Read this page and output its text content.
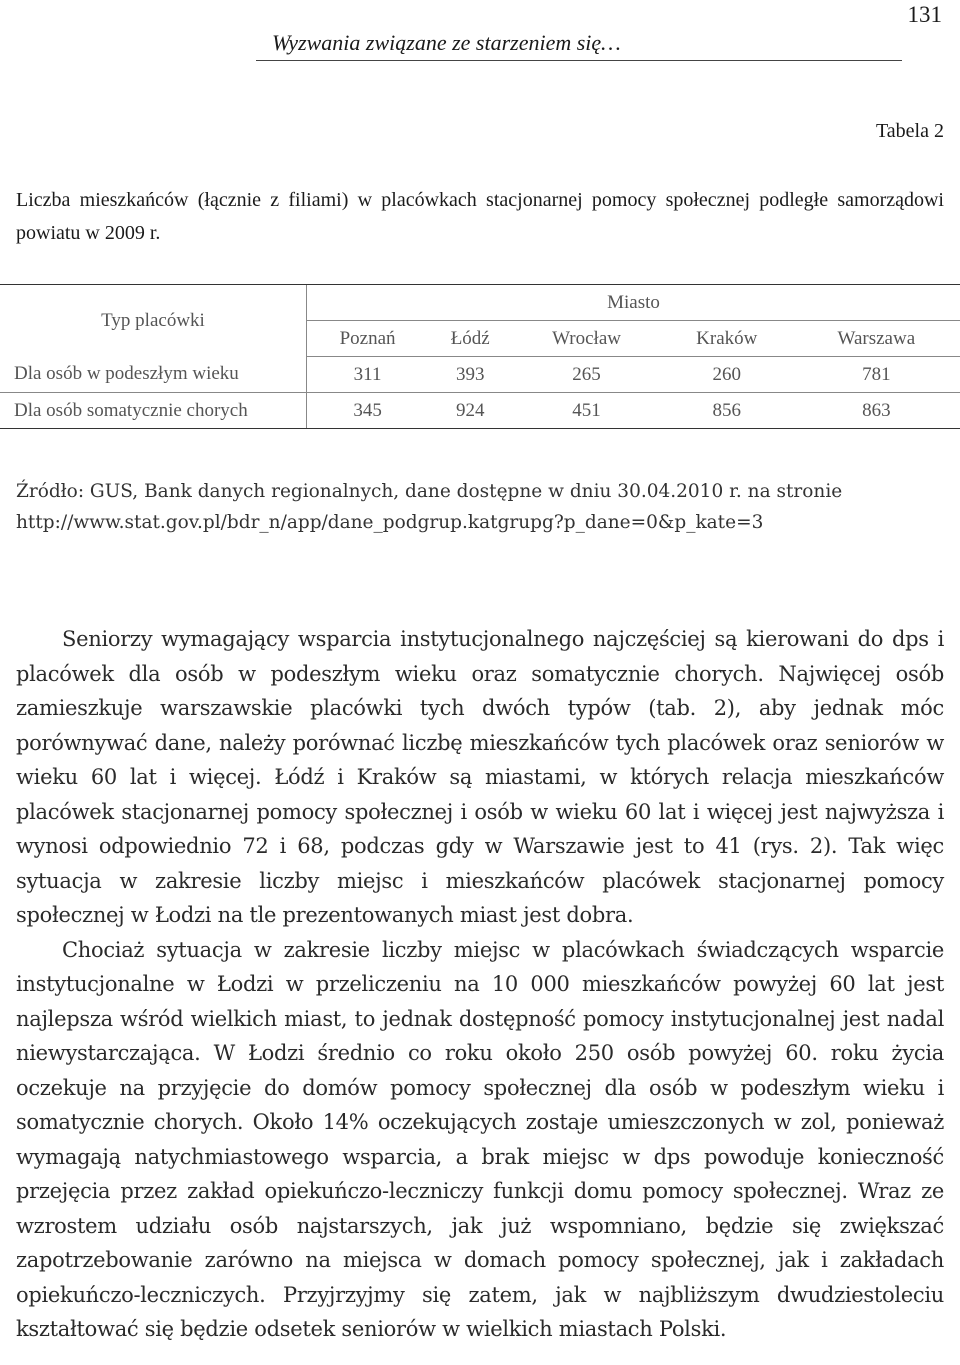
131
Wyzwania związane ze starzeniem się…
Tabela 2

Liczba mieszkańców (łącznie z filiami) w placówkach stacjonarnej pomocy społecznej podległe samorządowi powiatu w 2009 r.

Typ placówki	Miasto				
	Poznań	Łódź	Wrocław	Kraków	Warszawa
Dla osób w podeszłym wieku	311	393	265	260	781
Dla osób somatycznie chorych	345	924	451	856	863

Źródło: GUS, Bank danych regionalnych, dane dostępne w dniu 30.04.2010 r. na stronie
http://www.stat.gov.pl/bdr_n/app/dane_podgrup.katgrupg?p_dane=0&p_kate=3

Seniorzy wymagający wsparcia instytucjonalnego najczęściej są kierowani do dps i placówek dla osób w podeszłym wieku oraz somatycznie chorych. Najwięcej osób zamieszkuje warszawskie placówki tych dwóch typów (tab. 2), aby jednak móc porównywać dane, należy porównać liczbę mieszkańców tych placówek oraz seniorów w wieku 60 lat i więcej. Łódź i Kraków są miastami, w których relacja mieszkańców placówek stacjonarnej pomocy społecznej i osób w wieku 60 lat i więcej jest najwyższa i wynosi odpowiednio 72 i 68, podczas gdy w Warszawie jest to 41 (rys. 2). Tak więc sytuacja w zakresie liczby miejsc i mieszkańców placówek stacjonarnej pomocy społecznej w Łodzi na tle prezentowanych miast jest dobra.

Chociaż sytuacja w zakresie liczby miejsc w placówkach świadczących wsparcie instytucjonalne w Łodzi w przeliczeniu na 10 000 mieszkańców powyżej 60 lat jest najlepsza wśród wielkich miast, to jednak dostępność pomocy instytucjonalnej jest nadal niewystarczająca. W Łodzi średnio co roku około 250 osób powyżej 60. roku życia oczekuje na przyjęcie do domów pomocy społecznej dla osób w podeszłym wieku i somatycznie chorych. Około 14% oczekujących zostaje umieszczonych w zol, ponieważ wymagają natychmiastowego wsparcia, a brak miejsc w dps powoduje konieczność przejęcia przez zakład opiekuńczo-leczniczy funkcji domu pomocy społecznej. Wraz ze wzrostem udziału osób najstarszych, jak już wspomniano, będzie się zwiększać zapotrzebowanie zarówno na miejsca w domach pomocy społecznej, jak i zakładach opiekuńczo-leczniczych. Przyjrzyjmy się zatem, jak w najbliższym dwudziestoleciu kształtować się będzie odsetek seniorów w wielkich miastach Polski.
